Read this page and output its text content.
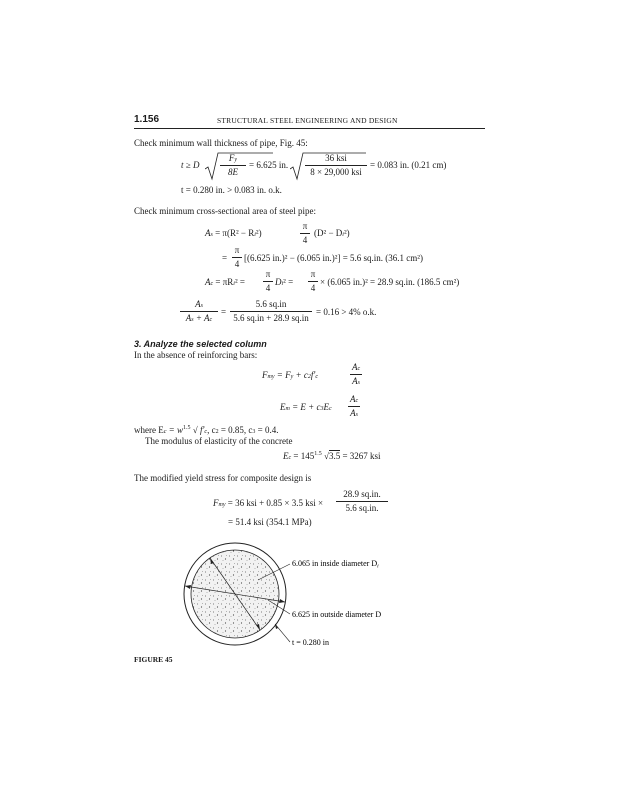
1.156	STRUCTURAL STEEL ENGINEERING AND DESIGN
Check minimum wall thickness of pipe, Fig. 45:
t ≥ D $\frac{Fy}{8E} = 6.625$ in.
36 ksi
8 × 29,000 ksi
= 0.083 in. (0.21 cm)
t = 0.280 in. > 0.083 in. o.k.
Check minimum cross-sectional area of steel pipe:
As = π(R² − Ri²)	$\frac{\pi}{4} (D^2 - Di^2)$
= $\frac{\pi}{4} [(6.625$ in.)² − (6.065 in.)²] = 5.6 sq.in. (36.1 cm²)
$Ac = \pi Ri^2 = \frac{\pi}{4} Di^2 = \frac{\pi}{4} \times (6.065$ in.)² = 28.9 sq.in. (186.5 cm²)
$\frac{As}{As + Ac} = \frac{5.6 sq.in}{5.6 sq.in + 28.9 sq.in} = 0.16 > 4\%$ o.k.
3. Analyze the selected column
In the absence of reinforcing bars:
Fmy = Fy + c2f′c	$\frac{Ac}{As}$
$Em = E + c3Ec \frac{Ac}{As}$
where $Ec = w^{1.5}$ √ f′c, c2 = 0.85, c3 = 0.4.
The modulus of elasticity of the concrete
$Ec = 145^{1.5}$ √3.5 = 3267 ksi
The modified yield stress for composite design is
Fmy = 36 ksi + 0.85 × 3.5 ksi × $\frac{28.9 sq.in.}{5.6 sq.in.}$
= 51.4 ksi (354.1 MPa)
6.065 in inside diameter Di
6.625 in outside diameter D
t = 0.280 in
FIGURE 45
